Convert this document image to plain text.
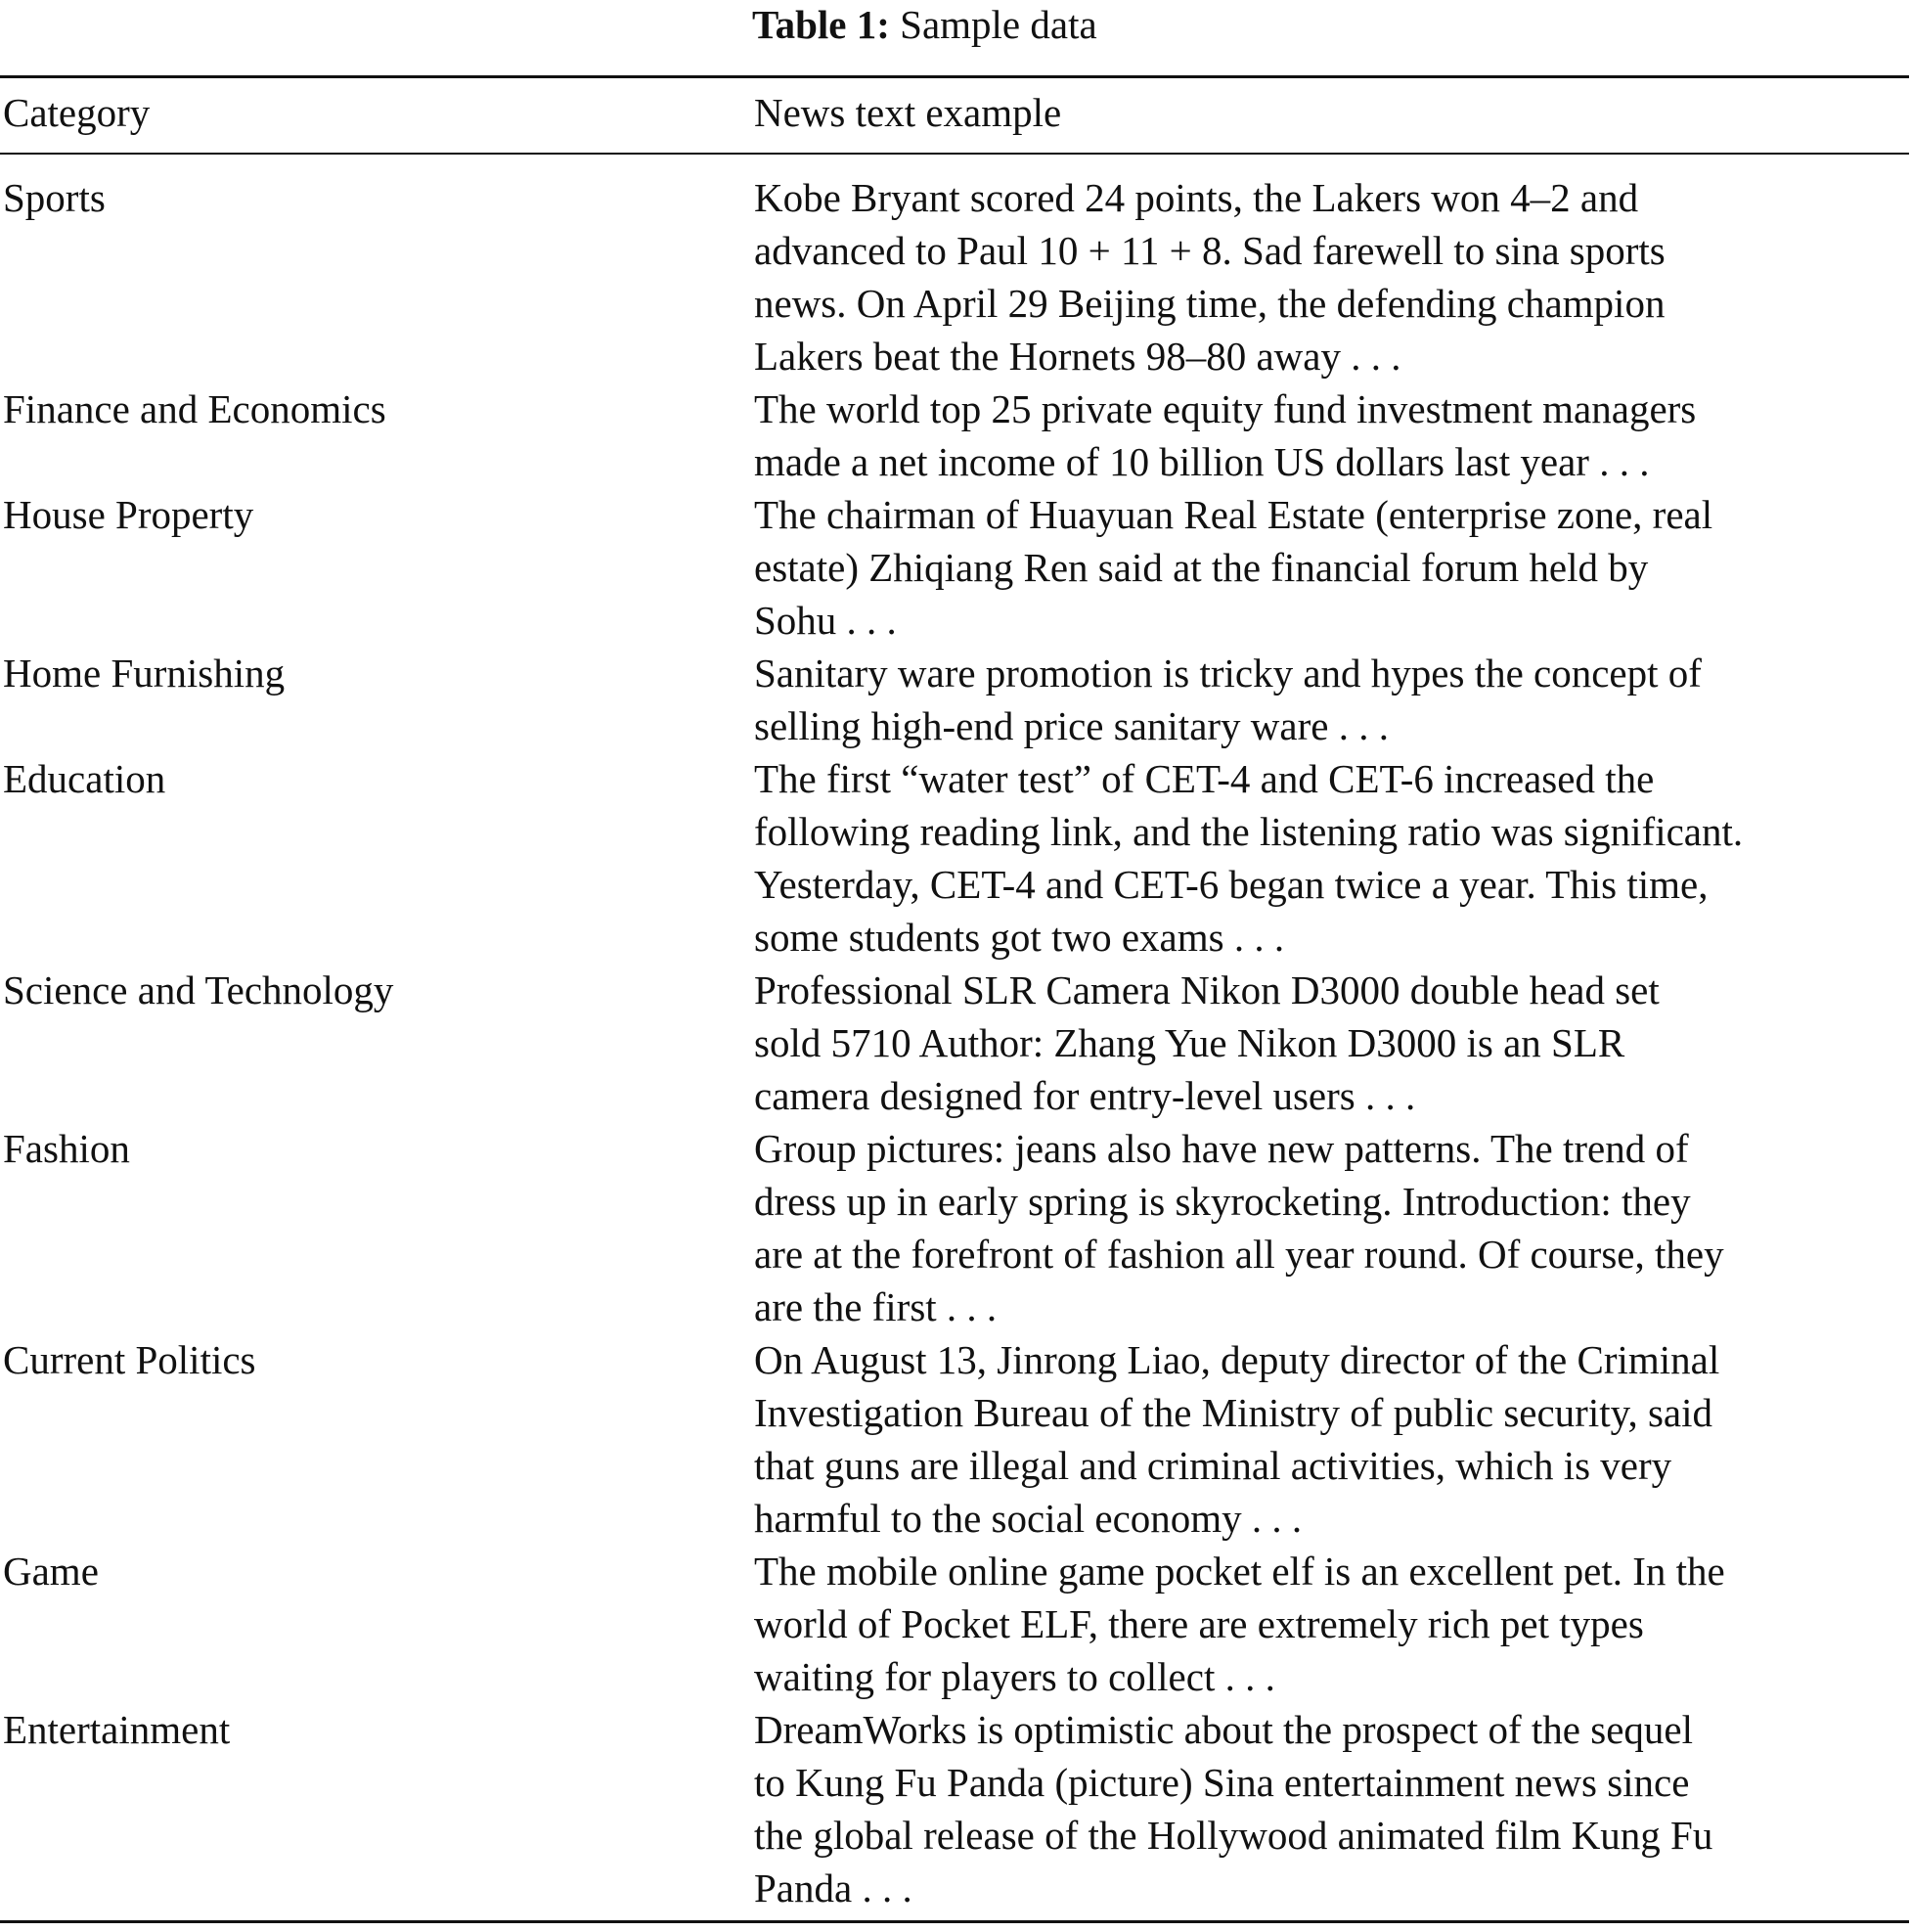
Table 1: Sample data
Category	News text example
Sports	Kobe Bryant scored 24 points, the Lakers won 4–2 and
advanced to Paul 10 + 11 + 8. Sad farewell to sina sports
news. On April 29 Beijing time, the defending champion
Lakers beat the Hornets 98–80 away . . .
Finance and Economics	The world top 25 private equity fund investment managers
made a net income of 10 billion US dollars last year . . .
House Property	The chairman of Huayuan Real Estate (enterprise zone, real
estate) Zhiqiang Ren said at the financial forum held by
Sohu . . .
Home Furnishing	Sanitary ware promotion is tricky and hypes the concept of
selling high-end price sanitary ware . . .
Education	The first “water test” of CET-4 and CET-6 increased the
following reading link, and the listening ratio was significant.
Yesterday, CET-4 and CET-6 began twice a year. This time,
some students got two exams . . .
Science and Technology	Professional SLR Camera Nikon D3000 double head set
sold 5710 Author: Zhang Yue Nikon D3000 is an SLR
camera designed for entry-level users . . .
Fashion	Group pictures: jeans also have new patterns. The trend of
dress up in early spring is skyrocketing. Introduction: they
are at the forefront of fashion all year round. Of course, they
are the first . . .
Current Politics	On August 13, Jinrong Liao, deputy director of the Criminal
Investigation Bureau of the Ministry of public security, said
that guns are illegal and criminal activities, which is very
harmful to the social economy . . .
Game	The mobile online game pocket elf is an excellent pet. In the
world of Pocket ELF, there are extremely rich pet types
waiting for players to collect . . .
Entertainment	DreamWorks is optimistic about the prospect of the sequel
to Kung Fu Panda (picture) Sina entertainment news since
the global release of the Hollywood animated film Kung Fu
Panda . . .
